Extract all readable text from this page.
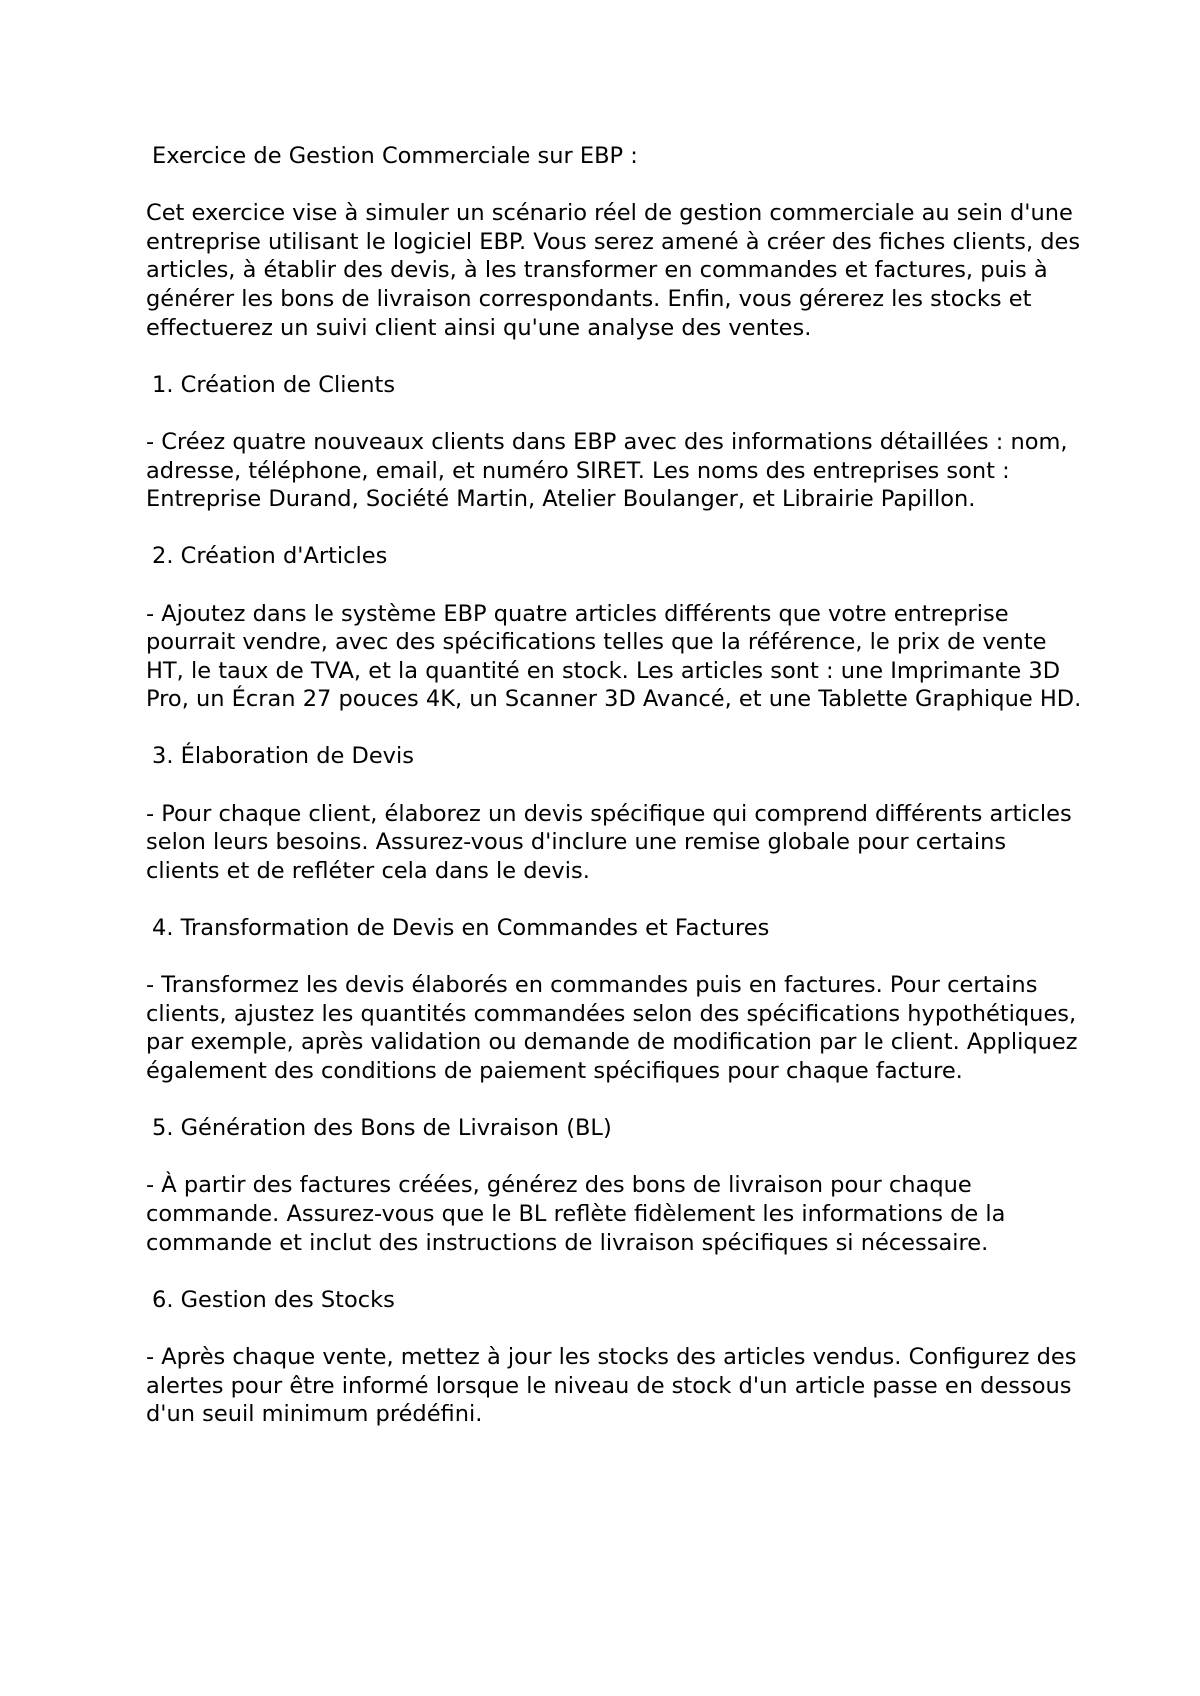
Exercice de Gestion Commerciale sur EBP :

Cet exercice vise à simuler un scénario réel de gestion commerciale au sein d'une entreprise utilisant le logiciel EBP. Vous serez amené à créer des fiches clients, des articles, à établir des devis, à les transformer en commandes et factures, puis à générer les bons de livraison correspondants. Enfin, vous gérerez les stocks et effectuerez un suivi client ainsi qu'une analyse des ventes.

1. Création de Clients

- Créez quatre nouveaux clients dans EBP avec des informations détaillées : nom, adresse, téléphone, email, et numéro SIRET. Les noms des entreprises sont : Entreprise Durand, Société Martin, Atelier Boulanger, et Librairie Papillon.

2. Création d'Articles

- Ajoutez dans le système EBP quatre articles différents que votre entreprise pourrait vendre, avec des spécifications telles que la référence, le prix de vente HT, le taux de TVA, et la quantité en stock. Les articles sont : une Imprimante 3D Pro, un Écran 27 pouces 4K, un Scanner 3D Avancé, et une Tablette Graphique HD.

3. Élaboration de Devis

- Pour chaque client, élaborez un devis spécifique qui comprend différents articles selon leurs besoins. Assurez-vous d'inclure une remise globale pour certains clients et de refléter cela dans le devis.

4. Transformation de Devis en Commandes et Factures

- Transformez les devis élaborés en commandes puis en factures. Pour certains clients, ajustez les quantités commandées selon des spécifications hypothétiques, par exemple, après validation ou demande de modification par le client. Appliquez également des conditions de paiement spécifiques pour chaque facture.

5. Génération des Bons de Livraison (BL)

- À partir des factures créées, générez des bons de livraison pour chaque commande. Assurez-vous que le BL reflète fidèlement les informations de la commande et inclut des instructions de livraison spécifiques si nécessaire.

6. Gestion des Stocks

- Après chaque vente, mettez à jour les stocks des articles vendus. Configurez des alertes pour être informé lorsque le niveau de stock d'un article passe en dessous d'un seuil minimum prédéfini.
